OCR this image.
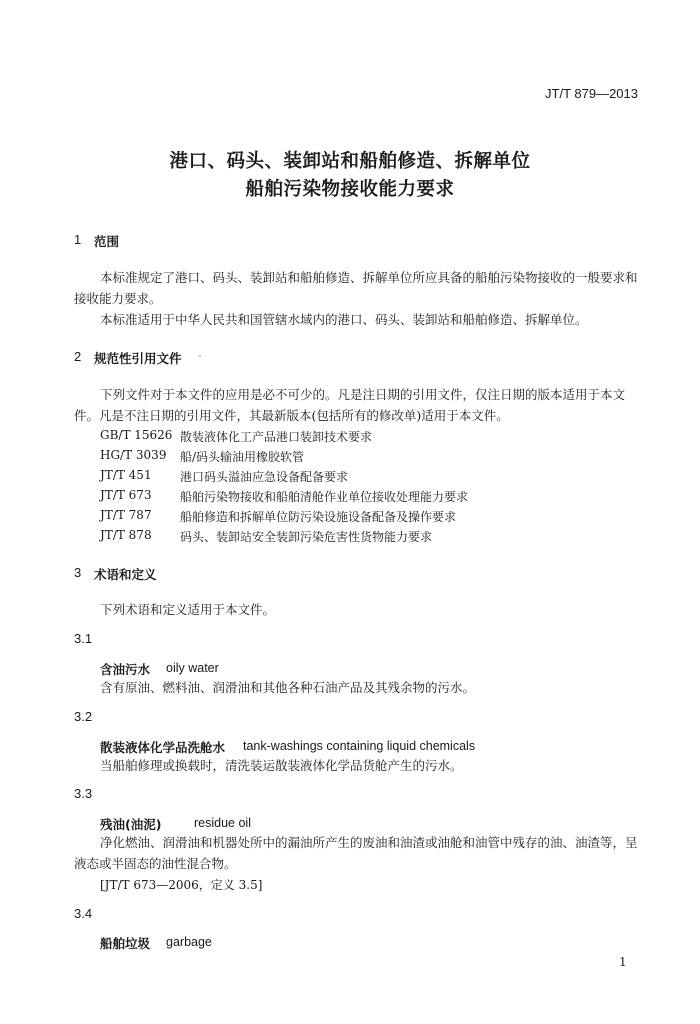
JT/T 879—2013
港口、码头、装卸站和船舶修造、拆解单位
船舶污染物接收能力要求
1 范围
本标准规定了港口、码头、装卸站和船舶修造、拆解单位所应具备的船舶污染物接收的一般要求和接收能力要求。
本标准适用于中华人民共和国管辖水域内的港口、码头、装卸站和船舶修造、拆解单位。
2 规范性引用文件 -
下列文件对于本文件的应用是必不可少的。凡是注日期的引用文件，仅注日期的版本适用于本文件。凡是不注日期的引用文件，其最新版本(包括所有的修改单)适用于本文件。
GB/T 15626 散装液体化工产品港口装卸技术要求
HG/T 3039 船/码头输油用橡胶软管
JT/T 451 港口码头溢油应急设备配备要求
JT/T 673 船舶污染物接收和船舶清舱作业单位接收处理能力要求
JT/T 787 船舶修造和拆解单位防污染设施设备配备及操作要求
JT/T 878 码头、装卸站安全装卸污染危害性货物能力要求
3 术语和定义
下列术语和定义适用于本文件。
3.1
含油污水 oily water
含有原油、燃料油、润滑油和其他各种石油产品及其残余物的污水。
3.2
散装液体化学品洗舱水 tank-washings containing liquid chemicals
当船舶修理或换载时，清洗装运散装液体化学品货舱产生的污水。
3.3
残油(油泥)	residue oil
净化燃油、润滑油和机器处所中的漏油所产生的废油和油渣或油舱和油管中残存的油、油渣等，呈液态或半固态的油性混合物。
[JT/T 673—2006，定义 3.5]
3.4
船舶垃圾 garbage
1
